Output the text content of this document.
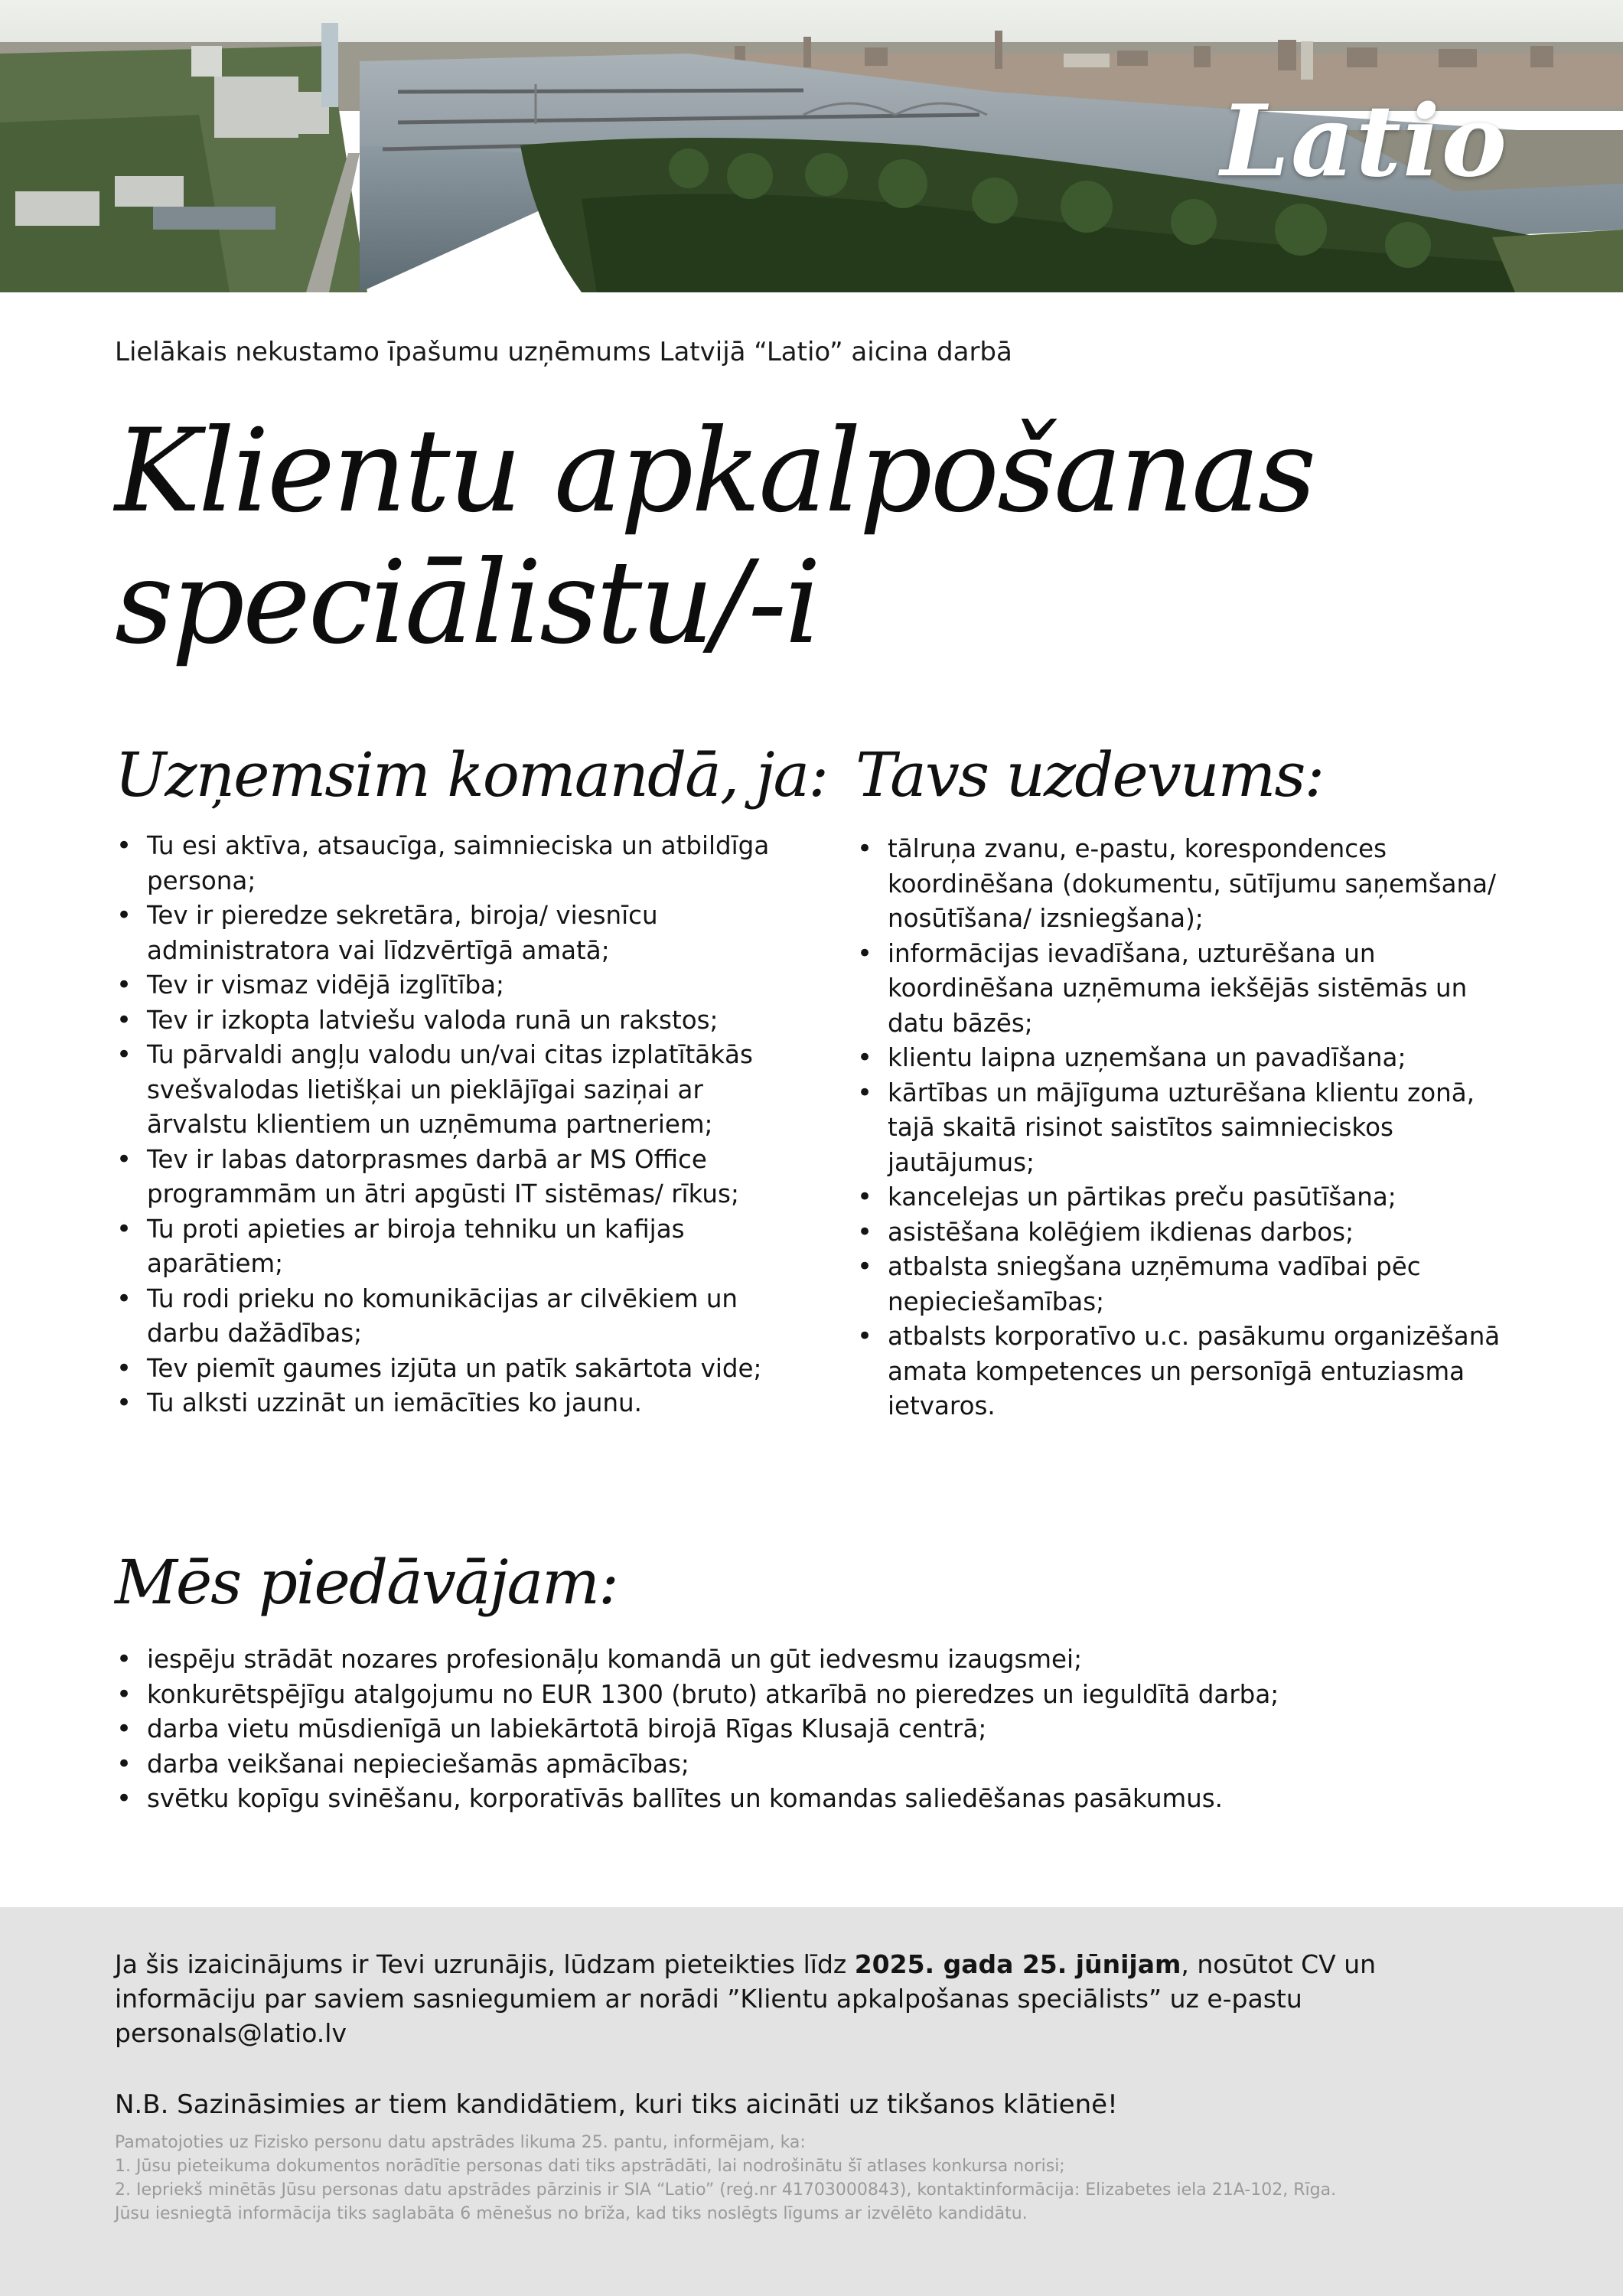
Latio
Lielākais nekustamo īpašumu uzņēmums Latvijā “Latio” aicina darbā
Klientu apkalpošanas
speciālistu/-i
Uzņemsim komandā, ja:
• Tu esi aktīva, atsaucīga, saimnieciska un atbildīga persona;
• Tev ir pieredze sekretāra, biroja/ viesnīcu administratora vai līdzvērtīgā amatā;
• Tev ir vismaz vidējā izglītība;
• Tev ir izkopta latviešu valoda runā un rakstos;
• Tu pārvaldi angļu valodu un/vai citas izplatītākās svešvalodas lietišķai un pieklājīgai saziņai ar ārvalstu klientiem un uzņēmuma partneriem;
• Tev ir labas datorprasmes darbā ar MS Office programmām un ātri apgūsti IT sistēmas/ rīkus;
• Tu proti apieties ar biroja tehniku un kafijas aparātiem;
• Tu rodi prieku no komunikācijas ar cilvēkiem un darbu dažādības;
• Tev piemīt gaumes izjūta un patīk sakārtota vide;
• Tu alksti uzzināt un iemācīties ko jaunu.
Tavs uzdevums:
• tālruņa zvanu, e-pastu, korespondences koordinēšana (dokumentu, sūtījumu saņemšana/ nosūtīšana/ izsniegšana);
• informācijas ievadīšana, uzturēšana un koordinēšana uzņēmuma iekšējās sistēmās un datu bāzēs;
• klientu laipna uzņemšana un pavadīšana;
• kārtības un mājīguma uzturēšana klientu zonā, tajā skaitā risinot saistītos saimnieciskos jautājumus;
• kancelejas un pārtikas preču pasūtīšana;
• asistēšana kolēģiem ikdienas darbos;
• atbalsta sniegšana uzņēmuma vadībai pēc nepieciešamības;
• atbalsts korporatīvo u.c. pasākumu organizēšanā amata kompetences un personīgā entuziasma ietvaros.
Mēs piedāvājam:
• iespēju strādāt nozares profesionāļu komandā un gūt iedvesmu izaugsmei;
• konkurētspējīgu atalgojumu no EUR 1300 (bruto) atkarībā no pieredzes un ieguldītā darba;
• darba vietu mūsdienīgā un labiekārtotā birojā Rīgas Klusajā centrā;
• darba veikšanai nepieciešamās apmācības;
• svētku kopīgu svinēšanu, korporatīvās ballītes un komandas saliedēšanas pasākumus.
Ja šis izaicinājums ir Tevi uzrunājis, lūdzam pieteikties līdz 2025. gada 25. jūnijam, nosūtot CV un informāciju par saviem sasniegumiem ar norādi ”Klientu apkalpošanas speciālists” uz e-pastu personals@latio.lv
N.B. Sazināsimies ar tiem kandidātiem, kuri tiks aicināti uz tikšanos klātienē!
Pamatojoties uz Fizisko personu datu apstrādes likuma 25. pantu, informējam, ka:
1. Jūsu pieteikuma dokumentos norādītie personas dati tiks apstrādāti, lai nodrošinātu šī atlases konkursa norisi;
2. Iepriekš minētās Jūsu personas datu apstrādes pārzinis ir SIA “Latio” (reģ.nr 41703000843), kontaktinformācija: Elizabetes iela 21A-102, Rīga.
Jūsu iesniegtā informācija tiks saglabāta 6 mēnešus no brīža, kad tiks noslēgts līgums ar izvēlēto kandidātu.
